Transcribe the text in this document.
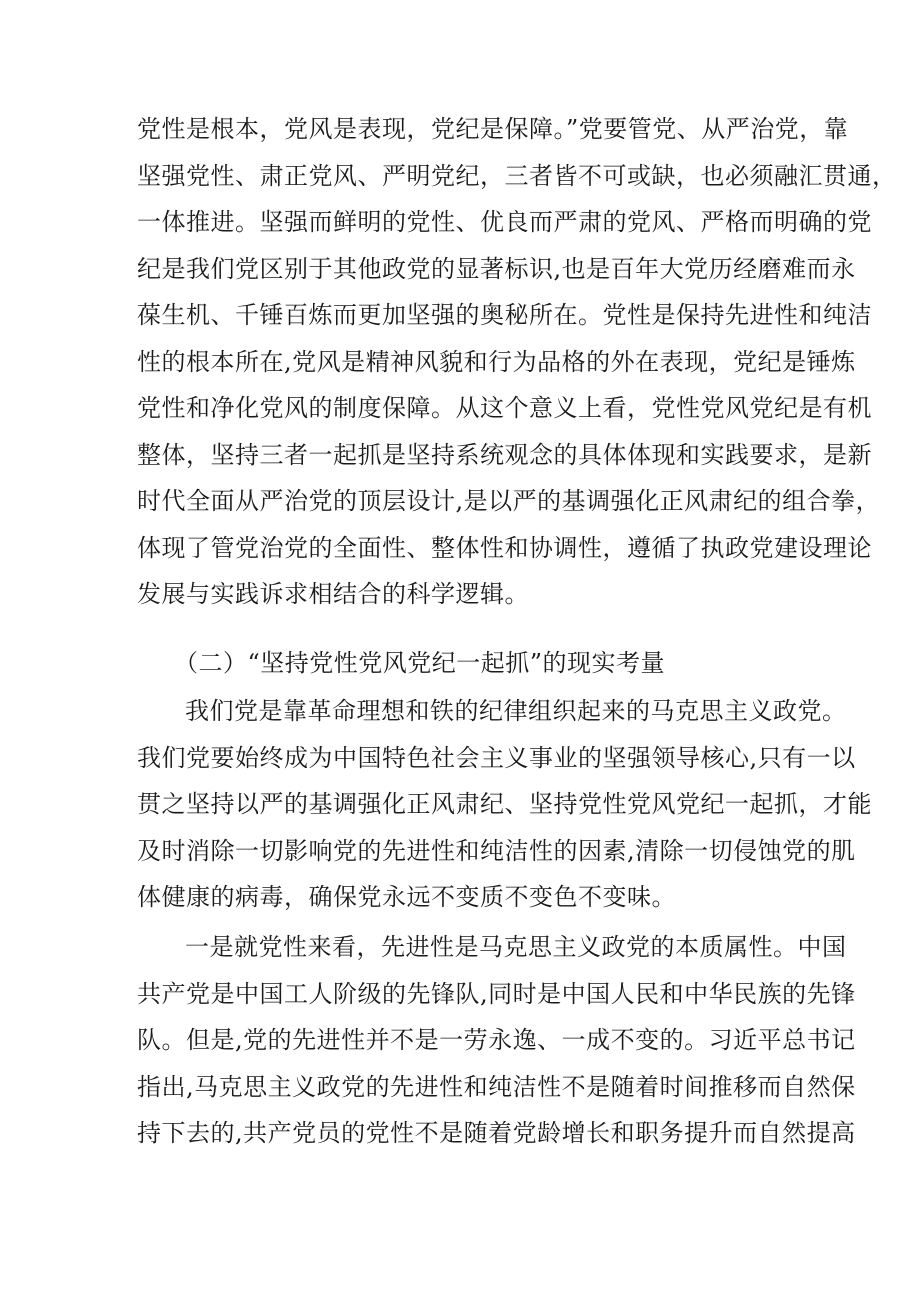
党性是根本，党风是表现，党纪是保障。”党要管党、从严治党，靠
坚强党性、肃正党风、严明党纪，三者皆不可或缺，也必须融汇贯通，
一体推进。坚强而鲜明的党性、优良而严肃的党风、严格而明确的党
纪是我们党区别于其他政党的显著标识,也是百年大党历经磨难而永
葆生机、千锤百炼而更加坚强的奥秘所在。党性是保持先进性和纯洁
性的根本所在,党风是精神风貌和行为品格的外在表现，党纪是锤炼
党性和净化党风的制度保障。从这个意义上看，党性党风党纪是有机
整体，坚持三者一起抓是坚持系统观念的具体体现和实践要求，是新
时代全面从严治党的顶层设计,是以严的基调强化正风肃纪的组合拳，
体现了管党治党的全面性、整体性和协调性，遵循了执政党建设理论
发展与实践诉求相结合的科学逻辑。
（二）“坚持党性党风党纪一起抓”的现实考量
我们党是靠革命理想和铁的纪律组织起来的马克思主义政党。
我们党要始终成为中国特色社会主义事业的坚强领导核心,只有一以
贯之坚持以严的基调强化正风肃纪、坚持党性党风党纪一起抓，才能
及时消除一切影响党的先进性和纯洁性的因素,清除一切侵蚀党的肌
体健康的病毒，确保党永远不变质不变色不变味。
一是就党性来看，先进性是马克思主义政党的本质属性。中国
共产党是中国工人阶级的先锋队,同时是中国人民和中华民族的先锋
队。但是,党的先进性并不是一劳永逸、一成不变的。习近平总书记
指出,马克思主义政党的先进性和纯洁性不是随着时间推移而自然保
持下去的,共产党员的党性不是随着党龄增长和职务提升而自然提高
